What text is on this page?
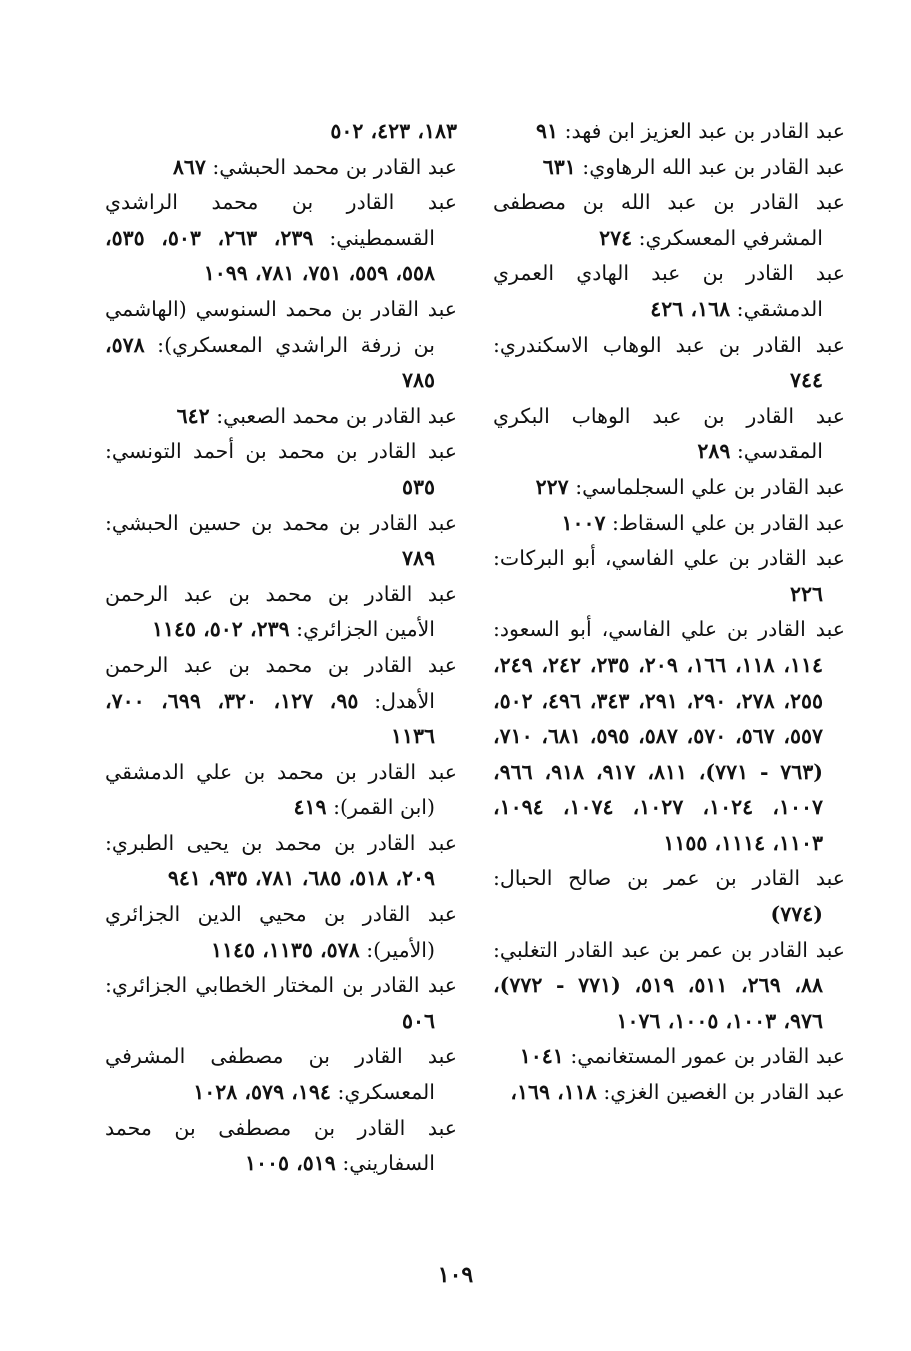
عبد القادر بن عبد العزيز ابن فهد: ٩١

عبد القادر بن عبد الله الرهاوي: ٦٣١

عبد القادر بن عبد الله بن مصطفى المشرفي المعسكري: ٢٧٤

عبد القادر بن عبد الهادي العمري الدمشقي: ١٦٨، ٤٢٦

عبد القادر بن عبد الوهاب الاسكندري: ٧٤٤

عبد القادر بن عبد الوهاب البكري المقدسي: ٢٨٩

عبد القادر بن علي السجلماسي: ٢٢٧

عبد القادر بن علي السقاط: ١٠٠٧

عبد القادر بن علي الفاسي، أبو البركات: ٢٢٦

عبد القادر بن علي الفاسي، أبو السعود: ١١٤، ١١٨، ١٦٦، ٢٠٩، ٢٣٥، ٢٤٢، ٢٤٩، ٢٥٥، ٢٧٨، ٢٩٠، ٢٩١، ٣٤٣، ٤٩٦، ٥٠٢، ٥٥٧، ٥٦٧، ٥٧٠، ٥٨٧، ٥٩٥، ٦٨١، ٧١٠، (٧٦٣ - ٧٧١)، ٨١١، ٩١٧، ٩١٨، ٩٦٦، ١٠٠٧، ١٠٢٤، ١٠٢٧، ١٠٧٤، ١٠٩٤، ١١٠٣، ١١١٤، ١١٥٥

عبد القادر بن عمر بن صالح الحبال: (٧٧٤)

عبد القادر بن عمر بن عبد القادر التغلبي: ٨٨، ٢٦٩، ٥١١، ٥١٩، (٧٧١ - ٧٧٢)، ٩٧٦، ١٠٠٣، ١٠٠٥، ١٠٧٦

عبد القادر بن عمور المستغانمي: ١٠٤١

عبد القادر بن الغصين الغزي: ١١٨، ١٦٩،

١٨٣، ٤٢٣، ٥٠٢

عبد القادر بن محمد الحبشي: ٨٦٧

عبد القادر بن محمد الراشدي القسمطيني: ٢٣٩، ٢٦٣، ٥٠٣، ٥٣٥، ٥٥٨، ٥٥٩، ٧٥١، ٧٨١، ١٠٩٩

عبد القادر بن محمد السنوسي (الهاشمي بن زرفة الراشدي المعسكري): ٥٧٨، ٧٨٥

عبد القادر بن محمد الصعبي: ٦٤٢

عبد القادر بن محمد بن أحمد التونسي: ٥٣٥

عبد القادر بن محمد بن حسين الحبشي: ٧٨٩

عبد القادر بن محمد بن عبد الرحمن الأمين الجزائري: ٢٣٩، ٥٠٢، ١١٤٥

عبد القادر بن محمد بن عبد الرحمن الأهدل: ٩٥، ١٢٧، ٣٢٠، ٦٩٩، ٧٠٠، ١١٣٦

عبد القادر بن محمد بن علي الدمشقي (ابن القمر): ٤١٩

عبد القادر بن محمد بن يحيى الطبري: ٢٠٩، ٥١٨، ٦٨٥، ٧٨١، ٩٣٥، ٩٤١

عبد القادر بن محيي الدين الجزائري (الأمير): ٥٧٨، ١١٣٥، ١١٤٥

عبد القادر بن المختار الخطابي الجزائري: ٥٠٦

عبد القادر بن مصطفى المشرفي المعسكري: ١٩٤، ٥٧٩، ١٠٢٨

عبد القادر بن مصطفى بن محمد السفاريني: ٥١٩، ١٠٠٥

١٠٩
